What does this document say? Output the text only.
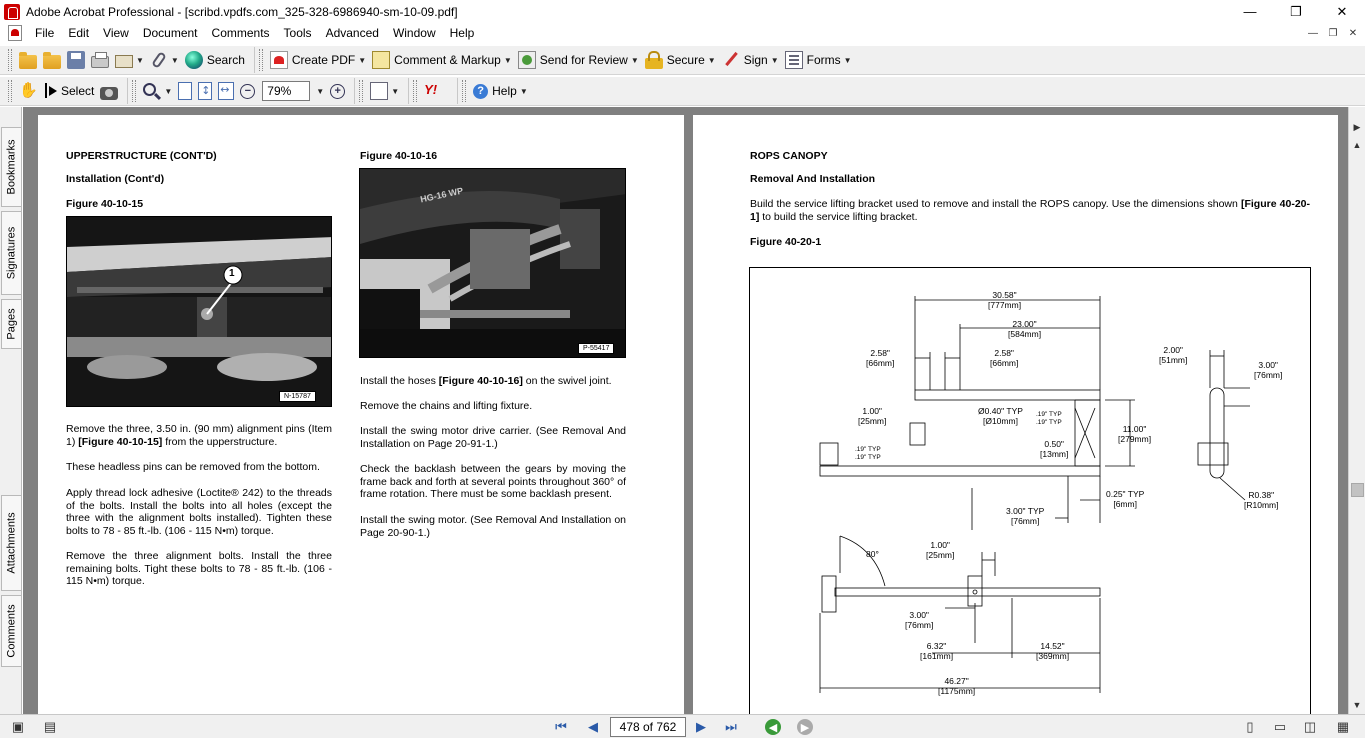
Adobe Acrobat Professional - [scribd.vpdfs.com_325-328-6986940-sm-10-09.pdf]	—	❐	✕
File	Edit	View	Document	Comments	Tools	Advanced	Window	Help	—	❐	✕
▼	▼ Search	Create PDF ▼ Comment & Markup ▼ Send for Review ▼ Secure ▼ Sign ▼ Forms ▼
✋
Select	▼ ↕ ↔	−	79%	▼ +	▼ Y!	? Help ▼
Bookmarks
Signatures
Pages
Attachments
Comments
UPPERSTRUCTURE (CONT'D)
Installation (Cont'd)
Figure 40-10-15
1
N-15787
Remove the three, 3.50 in. (90 mm) alignment pins (Item 1) [Figure 40-10-15] from the upperstructure.
These headless pins can be removed from the bottom.
Apply thread lock adhesive (Loctite® 242) to the threads of the bolts. Install the bolts into all holes (except the three with the alignment bolts installed). Tighten these bolts to 78 - 85 ft.-lb. (106 - 115 N•m) torque.
Remove the three alignment bolts. Install the three remaining bolts. Tight these bolts to 78 - 85 ft.-lb. (106 - 115 N•m) torque.
Figure 40-10-16
HG-16 WP
P-55417
Install the hoses [Figure 40-10-16] on the swivel joint.
Remove the chains and lifting fixture.
Install the swing motor drive carrier. (See Removal And Installation on Page 20-91-1.)
Check the backlash between the gears by moving the frame back and forth at several points throughout 360° of frame rotation. There must be some backlash present.
Install the swing motor. (See Removal And Installation on Page 20-90-1.)
ROPS CANOPY
Removal And Installation
Build the service lifting bracket used to remove and install the ROPS canopy. Use the dimensions shown [Figure 40-20-1] to build the service lifting bracket.
Figure 40-20-1
30.58"
[777mm]
23.00"
[584mm]
2.58"
[66mm]
2.58"
[66mm]
1.00"
[25mm]
Ø0.40" TYP
[Ø10mm]
.19" TYP
.19" TYP
11.00"
[279mm]
0.50"
[13mm]
.19" TYP
.19" TYP
0.25" TYP
[6mm]
3.00" TYP
[76mm]
2.00"
[51mm]	3.00"
[76mm]
R0.38"
[R10mm]
80°
1.00"
[25mm]
3.00"
[76mm]
6.32"
[161mm]
14.52"
[369mm]
46.27"
[1175mm]
▶
▲
▼
▣ ▤	⏮	◀	478 of 762	▶	⏭	◀	▶	▯	▭ ◫	▦
